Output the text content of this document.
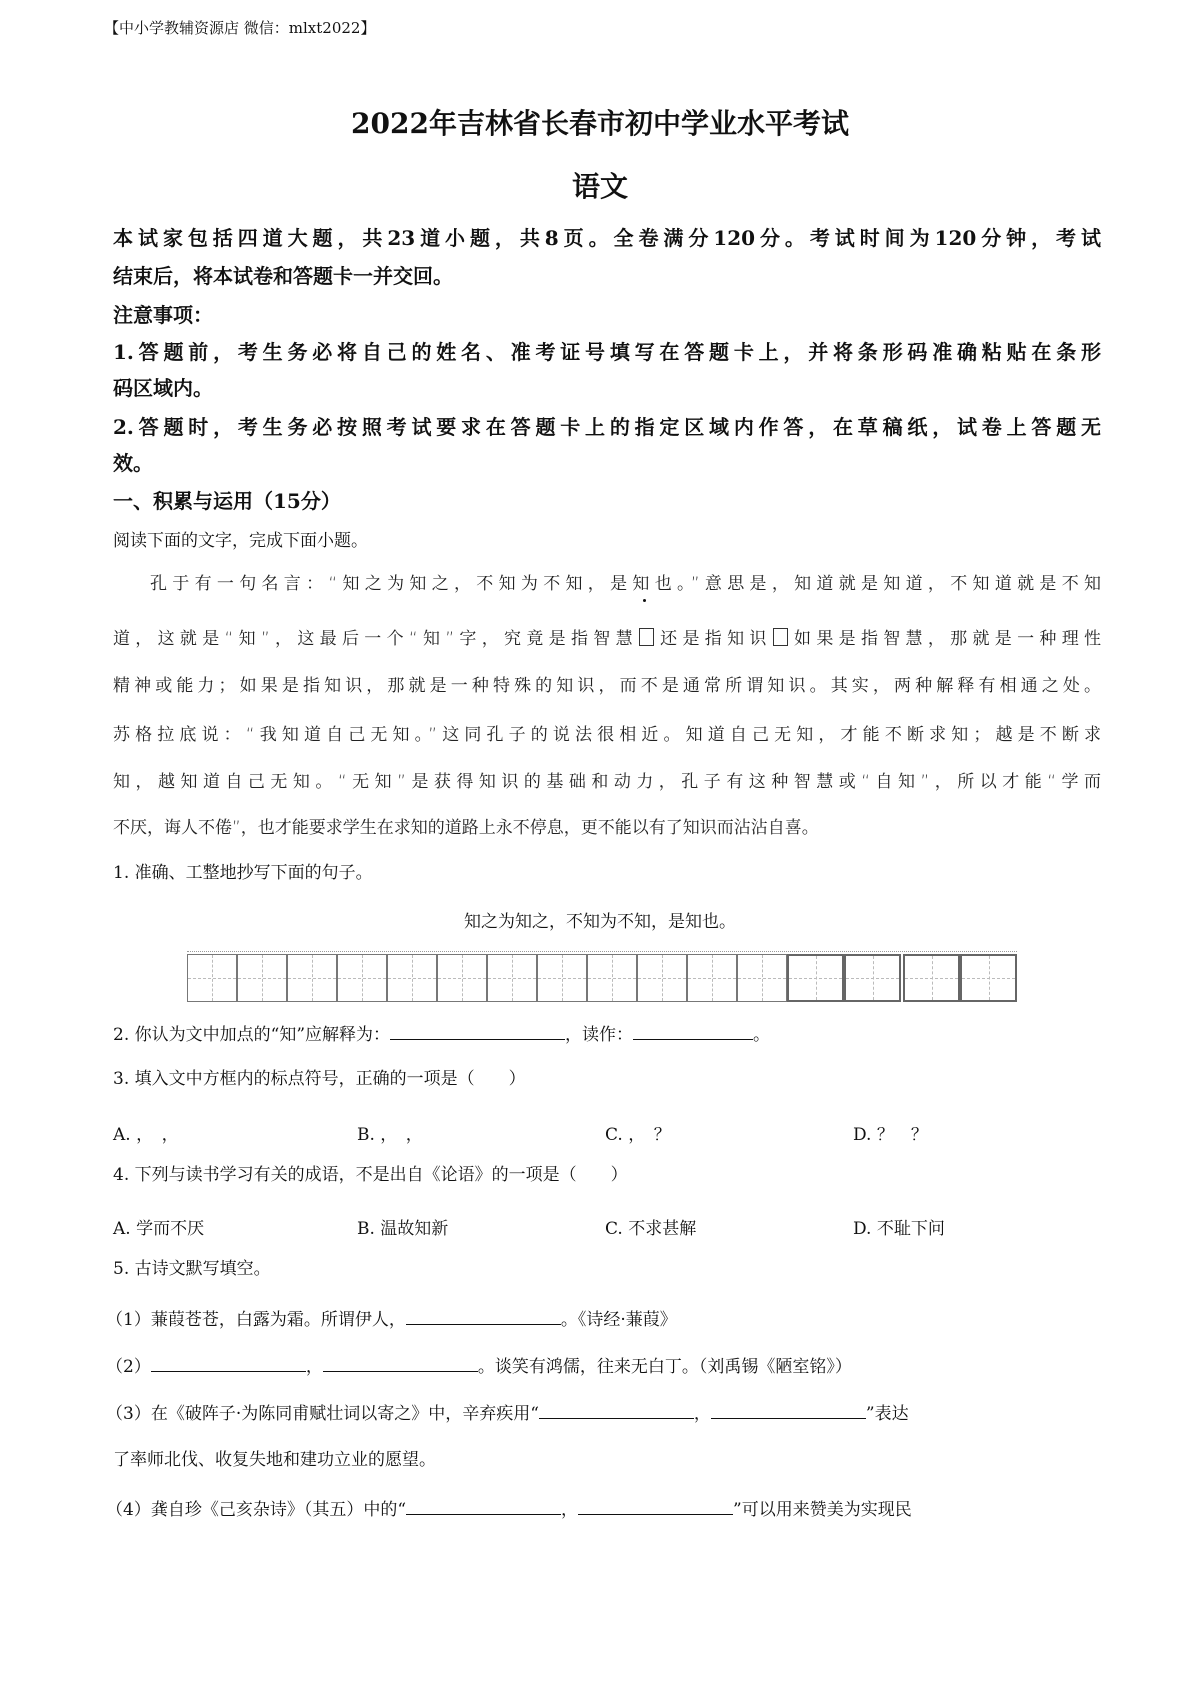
【中小学教辅资源店 微信：mlxt2022】
2022年吉林省长春市初中学业水平考试
语文
本试家包括四道大题，共23道小题，共8页。全卷满分120分。考试时间为120分钟，考试
结束后，将本试卷和答题卡一并交回。
注意事项：
1.答题前，考生务必将自己的姓名、准考证号填写在答题卡上，并将条形码准确粘贴在条形
码区域内。
2.答题时，考生务必按照考试要求在答题卡上的指定区域内作答，在草稿纸，试卷上答题无
效。
一、积累与运用（15分）
阅读下面的文字，完成下面小题。
孔于有一句名言：“知之为知之，不知为不知，是知也。”意思是，知道就是知道，不知道就是不知
道，这就是“知”，这最后一个“知”字，究竟是指智慧 还是指知识 如果是指智慧，那就是一种理性
精神或能力；如果是指知识，那就是一种特殊的知识，而不是通常所谓知识。其实，两种解释有相通之处。
苏格拉底说：“我知道自己无知。”这同孔子的说法很相近。知道自己无知，才能不断求知；越是不断求
知，越知道自己无知。“无知”是获得知识的基础和动力，孔子有这种智慧或“自知”，所以才能“学而
不厌，诲人不倦”，也才能要求学生在求知的道路上永不停息，更不能以有了知识而沾沾自喜。
1. 准确、工整地抄写下面的句子。
知之为知之，不知为不知，是知也。
2. 你认为文中加点的“知”应解释为：	，读作：	。
3. 填入文中方框内的标点符号，正确的一项是（　　）
A. ，　，	B. ，　，	C. ，　？	D. ？　？
4. 下列与读书学习有关的成语，不是出自《论语》的一项是（　　）
A. 学而不厌	B. 温故知新	C. 不求甚解	D. 不耻下问
5. 古诗文默写填空。
（1）蒹葭苍苍，白露为霜。所谓伊人，	。《诗经·蒹葭》
（2）	，	。谈笑有鸿儒，往来无白丁。（刘禹锡《陋室铭》）
（3）在《破阵子·为陈同甫赋壮词以寄之》中，辛弃疾用“	，	”表达
了率师北伐、收复失地和建功立业的愿望。
（4）龚自珍《己亥杂诗》（其五）中的“	，	”可以用来赞美为实现民
